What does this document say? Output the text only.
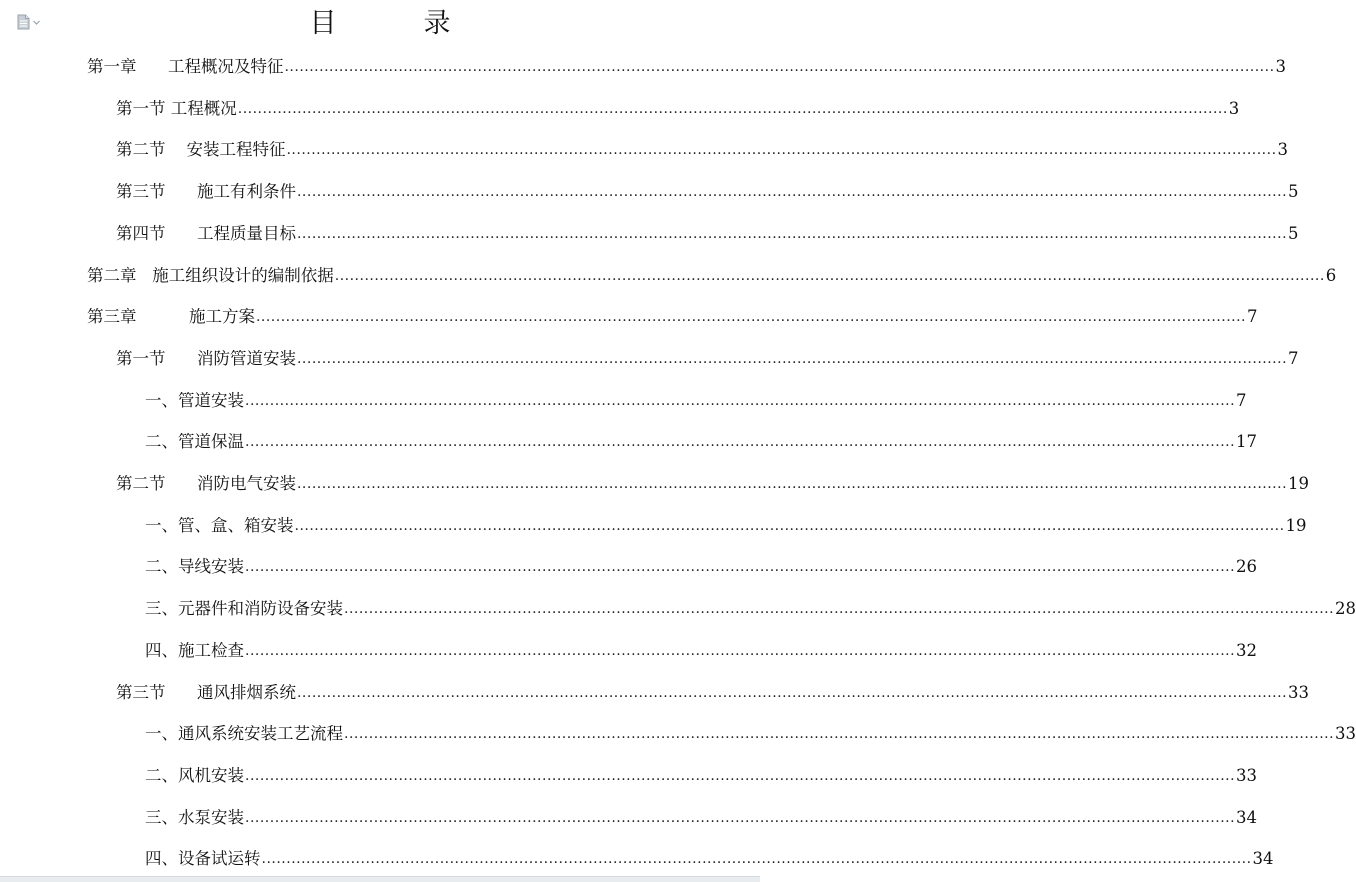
目　录
第一章
工程概况及特征 ........................................................................................................................................................................................................ 3
第一节
工程概况 ........................................................................................................................................................................................................ 3
第二节
安装工程特征 ........................................................................................................................................................................................................ 3
第三节
施工有利条件 ........................................................................................................................................................................................................ 5
第四节
工程质量目标 ........................................................................................................................................................................................................ 5
第二章
施工组织设计的编制依据 ........................................................................................................................................................................................................ 6
第三章
	施工方案 ........................................................................................................................................................................................................ 7
第一节
消防管道安装 ........................................................................................................................................................................................................ 7
一、 管道安装 ........................................................................................................................................................................................................ 7
二、 管道保温 ........................................................................................................................................................................................................ 17
第二节
消防电气安装 ........................................................................................................................................................................................................ 19
一、 管、盒、箱安装 ........................................................................................................................................................................................................ 19
二、 导线安装 ........................................................................................................................................................................................................ 26
三、 元器件和消防设备安装 ........................................................................................................................................................................................................ 28
四、 施工检查 ........................................................................................................................................................................................................ 32
第三节
通风排烟系统 ........................................................................................................................................................................................................ 33
一、 通风系统安装工艺流程 ........................................................................................................................................................................................................ 33
二、 风机安装 ........................................................................................................................................................................................................ 33
三、 水泵安装 ........................................................................................................................................................................................................ 34
四、 设备试运转 ........................................................................................................................................................................................................ 34
